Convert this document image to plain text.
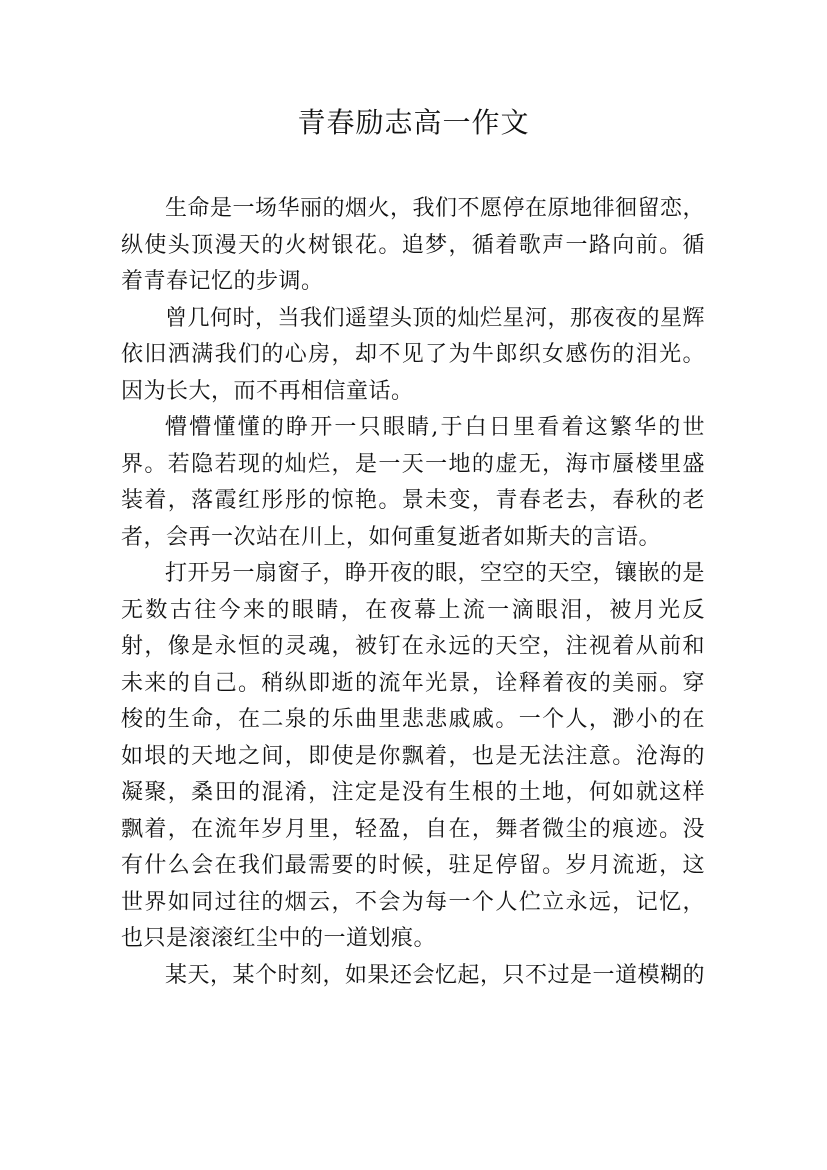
青春励志高一作文

生命是一场华丽的烟火，我们不愿停在原地徘徊留恋，纵使头顶漫天的火树银花。追梦，循着歌声一路向前。循着青春记忆的步调。

曾几何时，当我们遥望头顶的灿烂星河，那夜夜的星辉依旧洒满我们的心房，却不见了为牛郎织女感伤的泪光。因为长大，而不再相信童话。

懵懵懂懂的睁开一只眼睛,于白日里看着这繁华的世界。若隐若现的灿烂，是一天一地的虚无，海市蜃楼里盛装着，落霞红彤彤的惊艳。景未变，青春老去，春秋的老者，会再一次站在川上，如何重复逝者如斯夫的言语。

打开另一扇窗子，睁开夜的眼，空空的天空，镶嵌的是无数古往今来的眼睛，在夜幕上流一滴眼泪，被月光反射，像是永恒的灵魂，被钉在永远的天空，注视着从前和未来的自己。稍纵即逝的流年光景，诠释着夜的美丽。穿梭的生命，在二泉的乐曲里悲悲戚戚。一个人，渺小的在如垠的天地之间，即使是你飘着，也是无法注意。沧海的凝聚，桑田的混淆，注定是没有生根的土地，何如就这样飘着，在流年岁月里，轻盈，自在，舞者微尘的痕迹。没有什么会在我们最需要的时候，驻足停留。岁月流逝，这世界如同过往的烟云，不会为每一个人伫立永远，记忆，也只是滚滚红尘中的一道划痕。

某天，某个时刻，如果还会忆起，只不过是一道模糊的
